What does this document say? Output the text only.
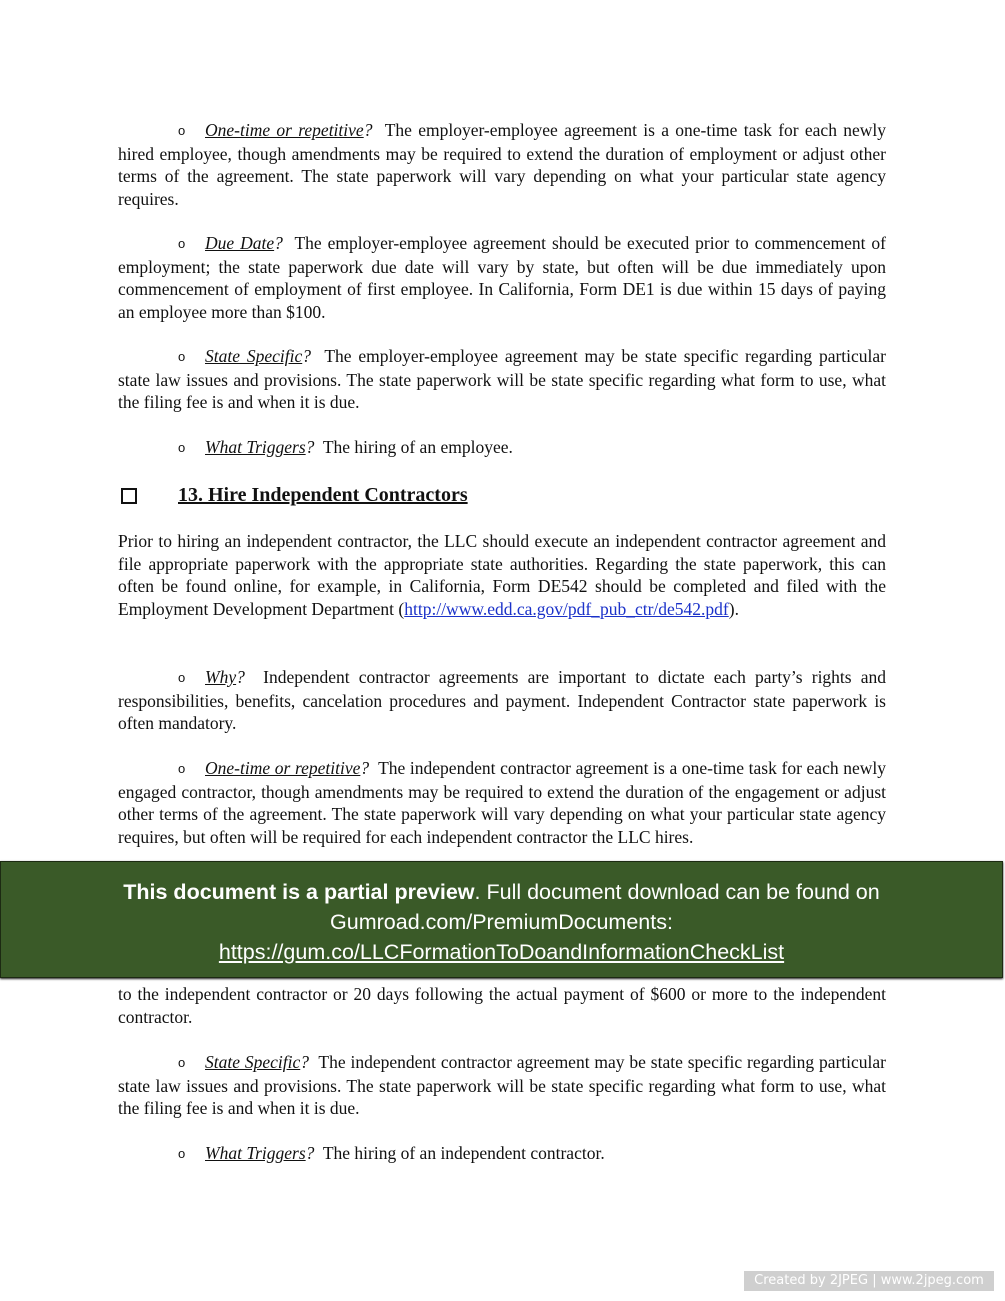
o One-time or repetitive? The employer-employee agreement is a one-time task for each newly hired employee, though amendments may be required to extend the duration of employment or adjust other terms of the agreement. The state paperwork will vary depending on what your particular state agency requires.
o Due Date? The employer-employee agreement should be executed prior to commencement of employment; the state paperwork due date will vary by state, but often will be due immediately upon commencement of employment of first employee. In California, Form DE1 is due within 15 days of paying an employee more than $100.
o State Specific? The employer-employee agreement may be state specific regarding particular state law issues and provisions. The state paperwork will be state specific regarding what form to use, what the filing fee is and when it is due.
o What Triggers? The hiring of an employee.
13. Hire Independent Contractors
Prior to hiring an independent contractor, the LLC should execute an independent contractor agreement and file appropriate paperwork with the appropriate state authorities. Regarding the state paperwork, this can often be found online, for example, in California, Form DE542 should be completed and filed with the Employment Development Department (http://www.edd.ca.gov/pdf_pub_ctr/de542.pdf).
o Why? Independent contractor agreements are important to dictate each party’s rights and responsibilities, benefits, cancelation procedures and payment. Independent Contractor state paperwork is often mandatory.
o One-time or repetitive? The independent contractor agreement is a one-time task for each newly engaged contractor, though amendments may be required to extend the duration of the engagement or adjust other terms of the agreement. The state paperwork will vary depending on what your particular state agency requires, but often will be required for each independent contractor the LLC hires.
to the independent contractor or 20 days following the actual payment of $600 or more to the independent contractor.
o State Specific? The independent contractor agreement may be state specific regarding particular state law issues and provisions. The state paperwork will be state specific regarding what form to use, what the filing fee is and when it is due.
o What Triggers? The hiring of an independent contractor.
This document is a partial preview. Full document download can be found on Gumroad.com/PremiumDocuments:
https://gum.co/LLCFormationToDoandInformationCheckList
Created by 2JPEG | www.2jpeg.com
